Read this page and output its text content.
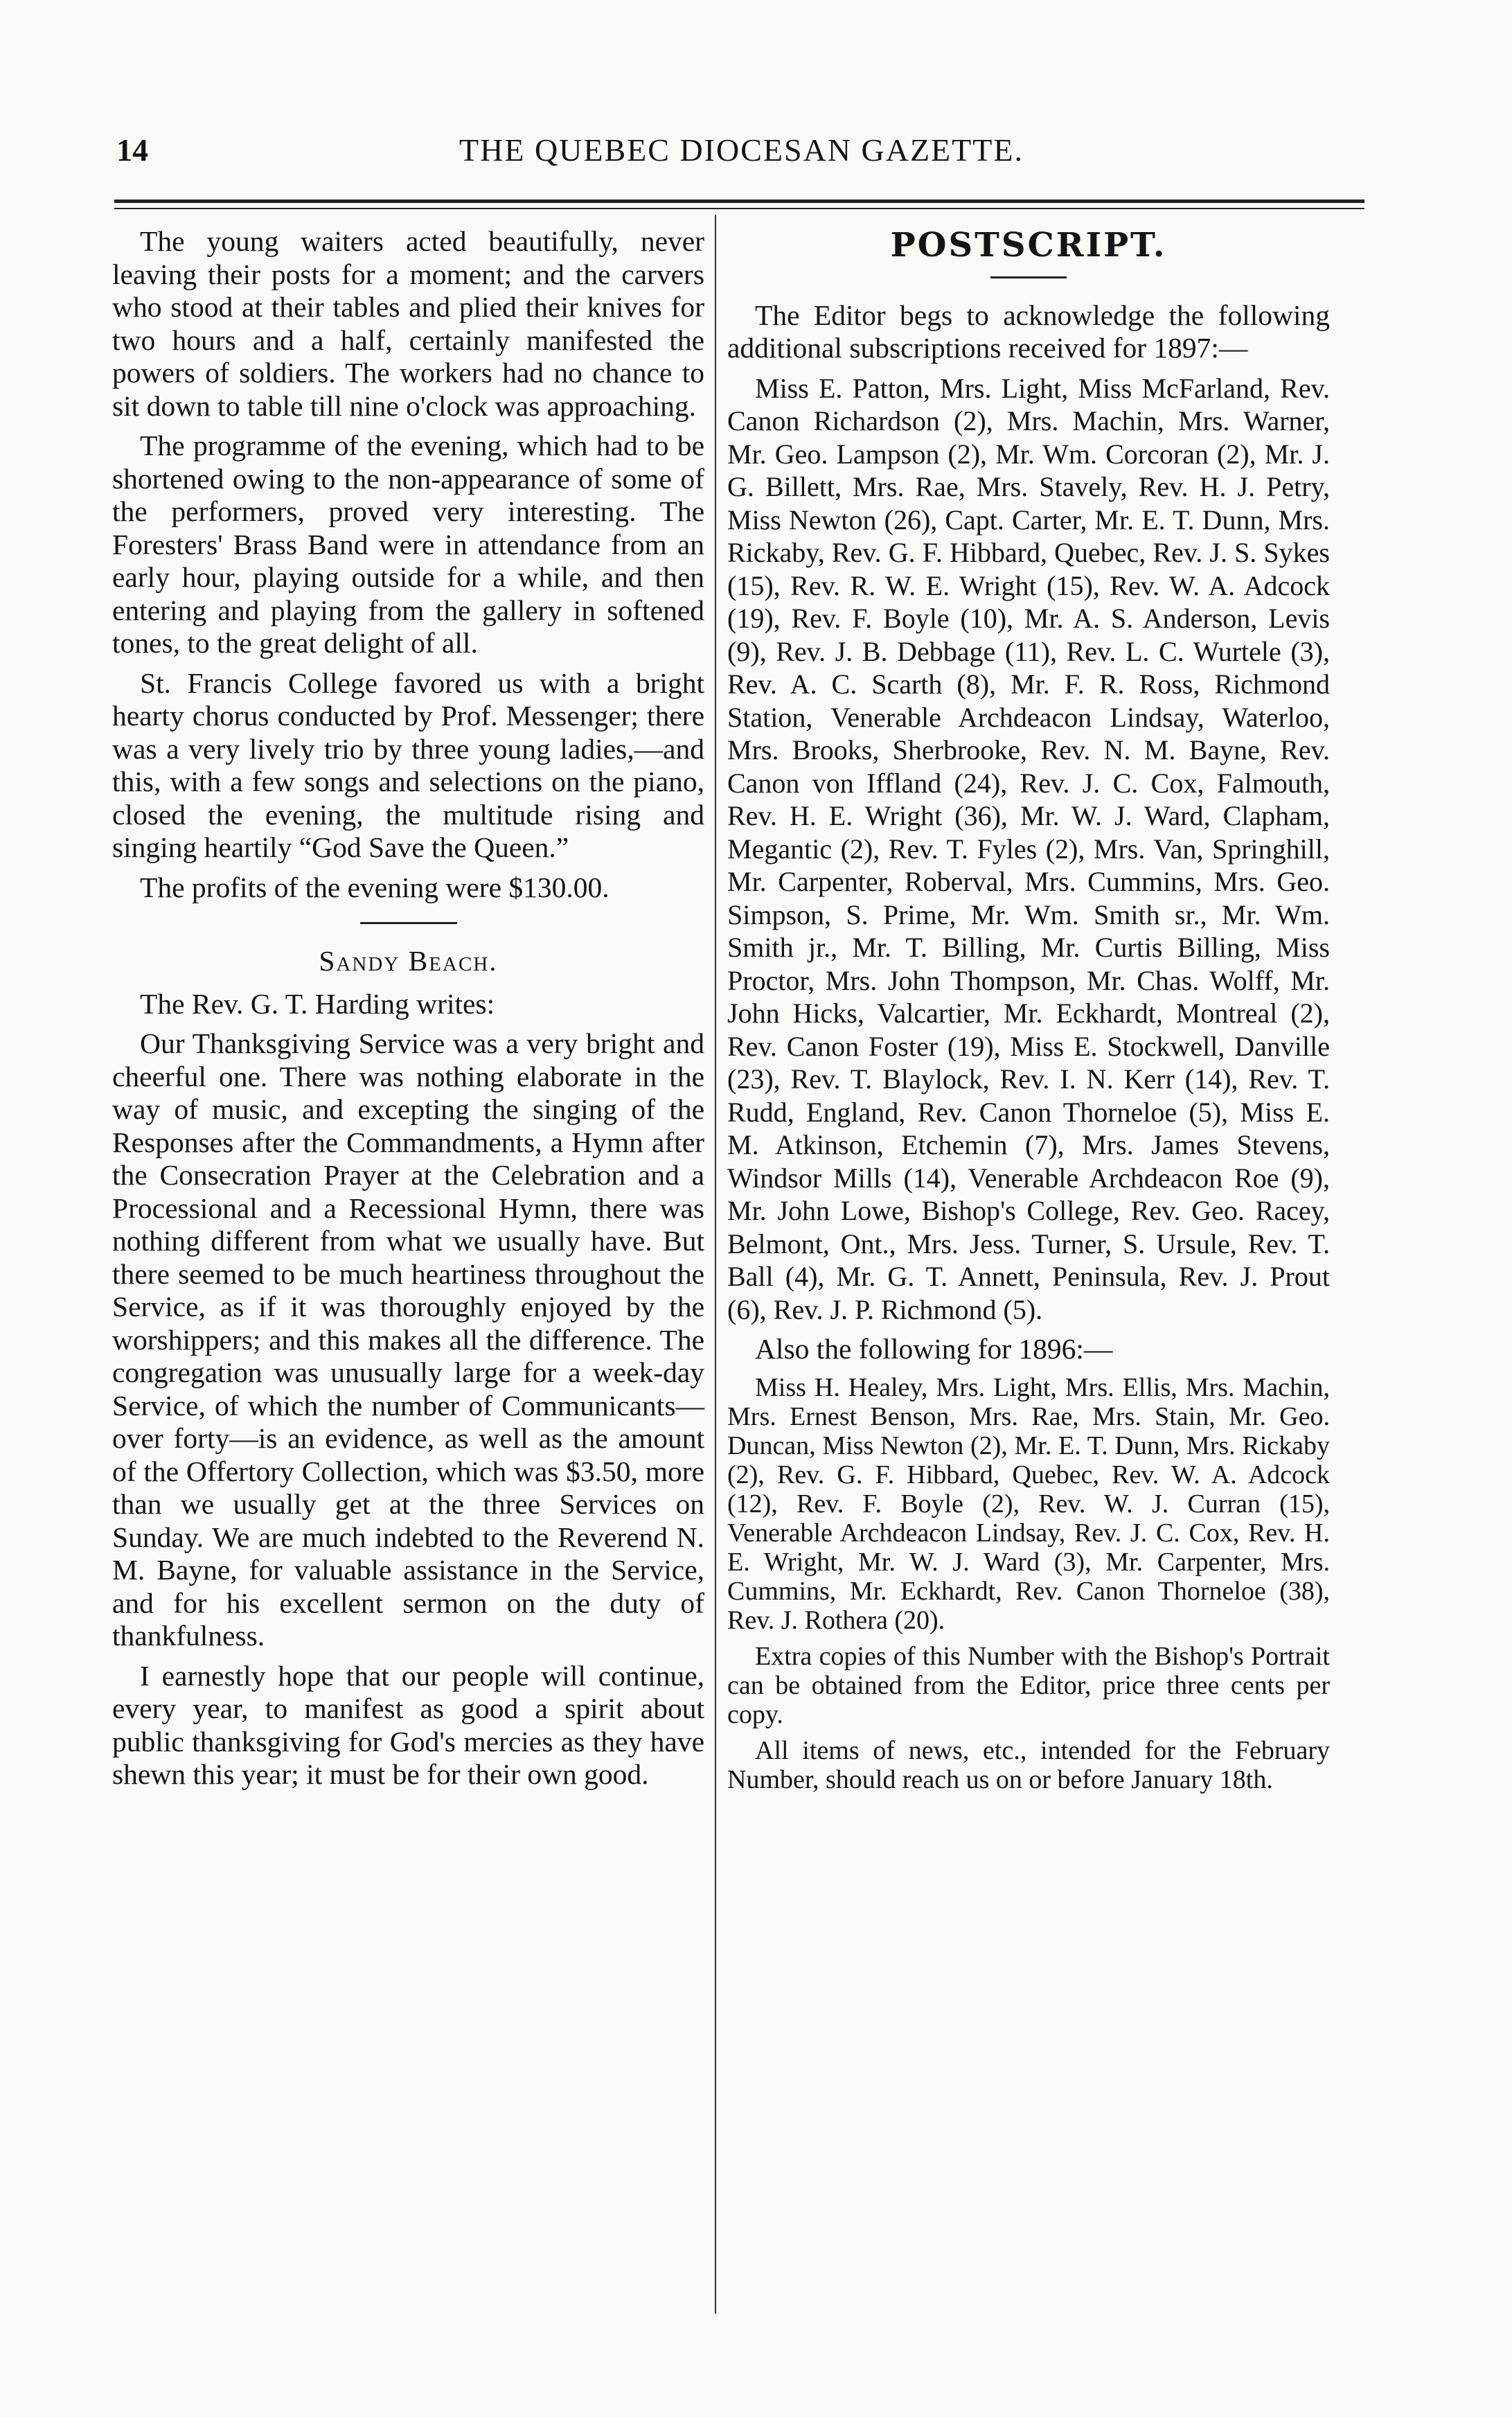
14	THE QUEBEC DIOCESAN GAZETTE.

The young waiters acted beautifully, never leaving their posts for a moment; and the carvers who stood at their tables and plied their knives for two hours and a half, certainly manifested the powers of soldiers. The workers had no chance to sit down to table till nine o'clock was approaching.

The programme of the evening, which had to be shortened owing to the non-appearance of some of the performers, proved very interesting. The Foresters' Brass Band were in attendance from an early hour, playing outside for a while, and then entering and playing from the gallery in softened tones, to the great delight of all.

St. Francis College favored us with a bright hearty chorus conducted by Prof. Messenger; there was a very lively trio by three young ladies,—and this, with a few songs and selections on the piano, closed the evening, the multitude rising and singing heartily “God Save the Queen.”

The profits of the evening were $130.00.

Sandy Beach.

The Rev. G. T. Harding writes:

Our Thanksgiving Service was a very bright and cheerful one. There was nothing elaborate in the way of music, and excepting the singing of the Responses after the Commandments, a Hymn after the Consecration Prayer at the Celebration and a Processional and a Recessional Hymn, there was nothing different from what we usually have. But there seemed to be much heartiness throughout the Service, as if it was thoroughly enjoyed by the worshippers; and this makes all the difference. The congregation was unusually large for a week-day Service, of which the number of Communicants—over forty—is an evidence, as well as the amount of the Offertory Collection, which was $3.50, more than we usually get at the three Services on Sunday. We are much indebted to the Reverend N. M. Bayne, for valuable assistance in the Service, and for his excellent sermon on the duty of thankfulness.

I earnestly hope that our people will continue, every year, to manifest as good a spirit about public thanksgiving for God's mercies as they have shewn this year; it must be for their own good.

POSTSCRIPT.

The Editor begs to acknowledge the following additional subscriptions received for 1897:—

Miss E. Patton, Mrs. Light, Miss McFarland, Rev. Canon Richardson (2), Mrs. Machin, Mrs. Warner, Mr. Geo. Lampson (2), Mr. Wm. Corcoran (2), Mr. J. G. Billett, Mrs. Rae, Mrs. Stavely, Rev. H. J. Petry, Miss Newton (26), Capt. Carter, Mr. E. T. Dunn, Mrs. Rickaby, Rev. G. F. Hibbard, Quebec, Rev. J. S. Sykes (15), Rev. R. W. E. Wright (15), Rev. W. A. Adcock (19), Rev. F. Boyle (10), Mr. A. S. Anderson, Levis (9), Rev. J. B. Debbage (11), Rev. L. C. Wurtele (3), Rev. A. C. Scarth (8), Mr. F. R. Ross, Richmond Station, Venerable Archdeacon Lindsay, Waterloo, Mrs. Brooks, Sherbrooke, Rev. N. M. Bayne, Rev. Canon von Iffland (24), Rev. J. C. Cox, Falmouth, Rev. H. E. Wright (36), Mr. W. J. Ward, Clapham, Megantic (2), Rev. T. Fyles (2), Mrs. Van, Springhill, Mr. Carpenter, Roberval, Mrs. Cummins, Mrs. Geo. Simpson, S. Prime, Mr. Wm. Smith sr., Mr. Wm. Smith jr., Mr. T. Billing, Mr. Curtis Billing, Miss Proctor, Mrs. John Thompson, Mr. Chas. Wolff, Mr. John Hicks, Valcartier, Mr. Eckhardt, Montreal (2), Rev. Canon Foster (19), Miss E. Stockwell, Danville (23), Rev. T. Blaylock, Rev. I. N. Kerr (14), Rev. T. Rudd, England, Rev. Canon Thorneloe (5), Miss E. M. Atkinson, Etchemin (7), Mrs. James Stevens, Windsor Mills (14), Venerable Archdeacon Roe (9), Mr. John Lowe, Bishop's College, Rev. Geo. Racey, Belmont, Ont., Mrs. Jess. Turner, S. Ursule, Rev. T. Ball (4), Mr. G. T. Annett, Peninsula, Rev. J. Prout (6), Rev. J. P. Richmond (5).

Also the following for 1896:—

Miss H. Healey, Mrs. Light, Mrs. Ellis, Mrs. Machin, Mrs. Ernest Benson, Mrs. Rae, Mrs. Stain, Mr. Geo. Duncan, Miss Newton (2), Mr. E. T. Dunn, Mrs. Rickaby (2), Rev. G. F. Hibbard, Quebec, Rev. W. A. Adcock (12), Rev. F. Boyle (2), Rev. W. J. Curran (15), Venerable Archdeacon Lindsay, Rev. J. C. Cox, Rev. H. E. Wright, Mr. W. J. Ward (3), Mr. Carpenter, Mrs. Cummins, Mr. Eckhardt, Rev. Canon Thorneloe (38), Rev. J. Rothera (20).

Extra copies of this Number with the Bishop's Portrait can be obtained from the Editor, price three cents per copy.

All items of news, etc., intended for the February Number, should reach us on or before January 18th.
